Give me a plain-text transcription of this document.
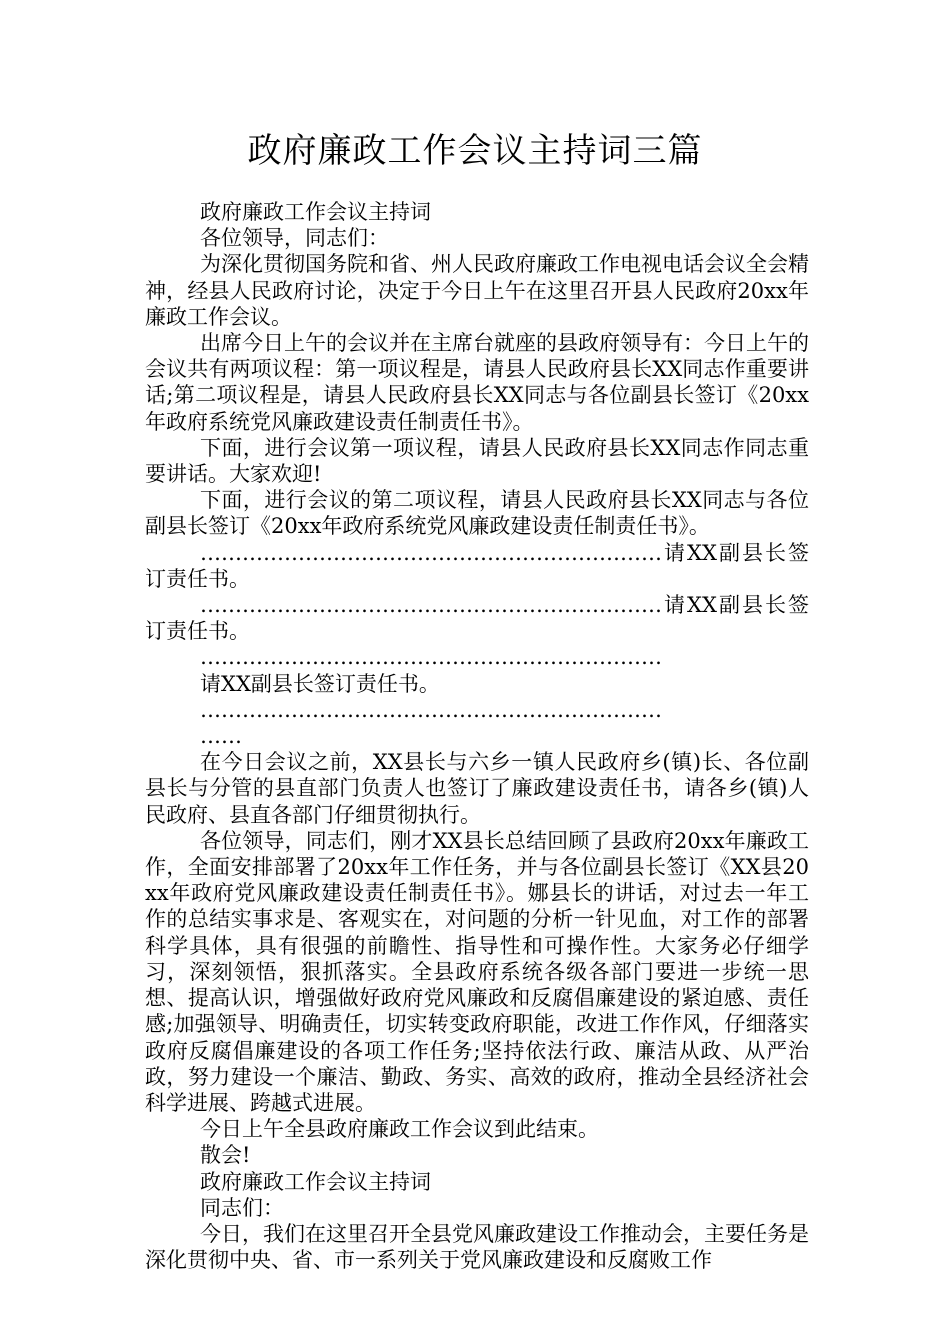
政府廉政工作会议主持词三篇

政府廉政工作会议主持词

各位领导，同志们：

为深化贯彻国务院和省、州人民政府廉政工作电视电话会议全会精神，经县人民政府讨论，决定于今日上午在这里召开县人民政府20xx年廉政工作会议。

出席今日上午的会议并在主席台就座的县政府领导有：今日上午的会议共有两项议程：第一项议程是，请县人民政府县长XX同志作重要讲话;第二项议程是，请县人民政府县长XX同志与各位副县长签订《20xx年政府系统党风廉政建设责任制责任书》。

下面，进行会议第一项议程，请县人民政府县长XX同志作同志重要讲话。大家欢迎!

下面，进行会议的第二项议程，请县人民政府县长XX同志与各位副县长签订《20xx年政府系统党风廉政建设责任制责任书》。

…………………………………………………………请XX副县长签订责任书。

…………………………………………………………请XX副县长签订责任书。

…………………………………………………………

请XX副县长签订责任书。

…………………………………………………………

……

在今日会议之前，XX县长与六乡一镇人民政府乡(镇)长、各位副县长与分管的县直部门负责人也签订了廉政建设责任书，请各乡(镇)人民政府、县直各部门仔细贯彻执行。

各位领导，同志们，刚才XX县长总结回顾了县政府20xx年廉政工作，全面安排部署了20xx年工作任务，并与各位副县长签订《XX县20xx年政府党风廉政建设责任制责任书》。娜县长的讲话，对过去一年工作的总结实事求是、客观实在，对问题的分析一针见血，对工作的部署科学具体，具有很强的前瞻性、指导性和可操作性。大家务必仔细学习，深刻领悟，狠抓落实。全县政府系统各级各部门要进一步统一思想、提高认识，增强做好政府党风廉政和反腐倡廉建设的紧迫感、责任感;加强领导、明确责任，切实转变政府职能，改进工作作风，仔细落实政府反腐倡廉建设的各项工作任务;坚持依法行政、廉洁从政、从严治政，努力建设一个廉洁、勤政、务实、高效的政府，推动全县经济社会科学进展、跨越式进展。

今日上午全县政府廉政工作会议到此结束。

散会!

政府廉政工作会议主持词

同志们：

今日，我们在这里召开全县党风廉政建设工作推动会，主要任务是深化贯彻中央、省、市一系列关于党风廉政建设和反腐败工作
